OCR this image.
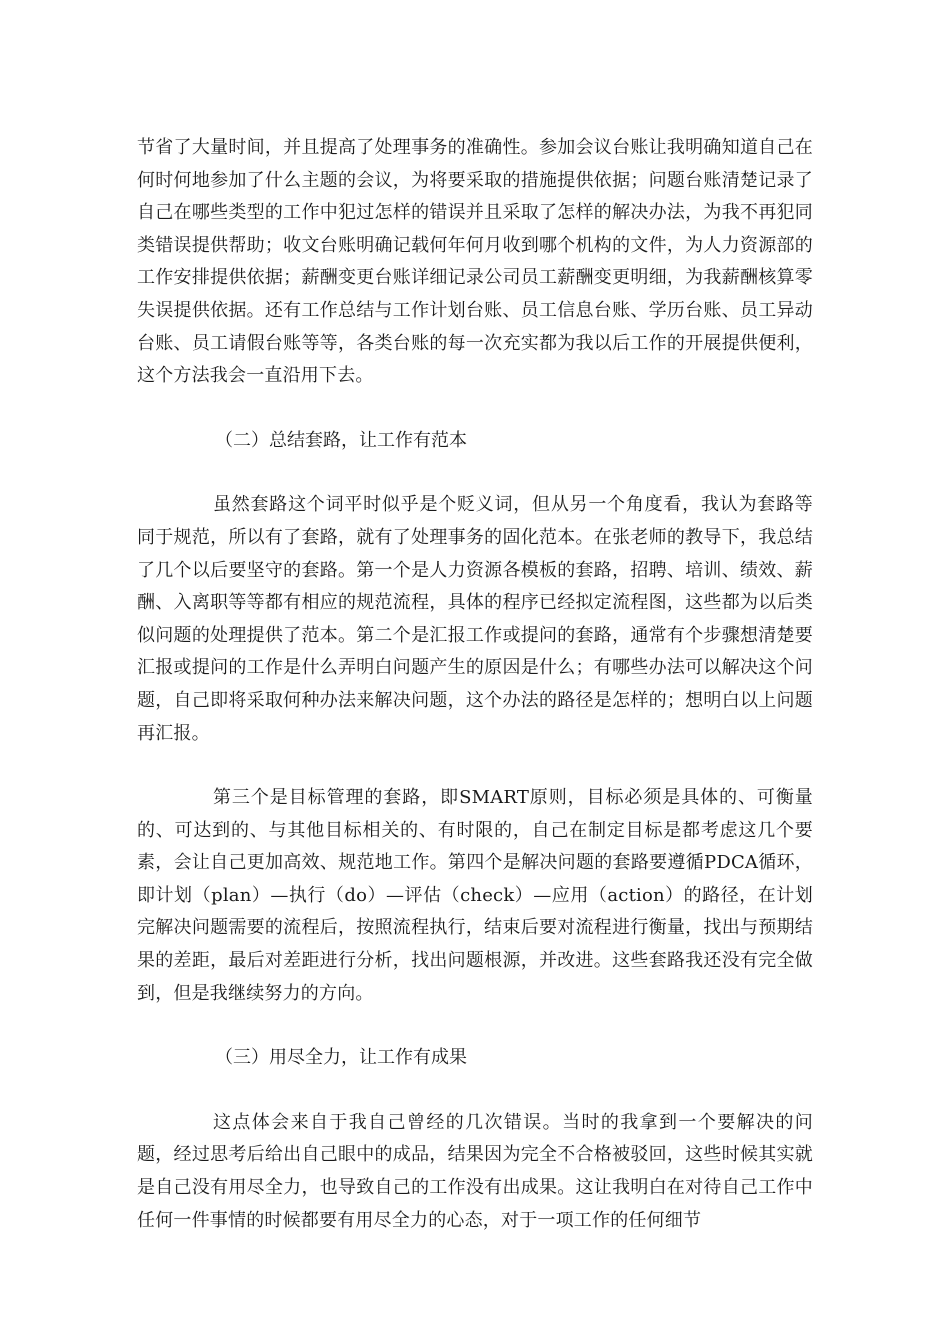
节省了大量时间，并且提高了处理事务的准确性。参加会议台账让我明确知道自己在何时何地参加了什么主题的会议，为将要采取的措施提供依据；问题台账清楚记录了自己在哪些类型的工作中犯过怎样的错误并且采取了怎样的解决办法，为我不再犯同类错误提供帮助；收文台账明确记载何年何月收到哪个机构的文件，为人力资源部的工作安排提供依据；薪酬变更台账详细记录公司员工薪酬变更明细，为我薪酬核算零失误提供依据。还有工作总结与工作计划台账、员工信息台账、学历台账、员工异动台账、员工请假台账等等，各类台账的每一次充实都为我以后工作的开展提供便利，这个方法我会一直沿用下去。

（二）总结套路，让工作有范本

虽然套路这个词平时似乎是个贬义词，但从另一个角度看，我认为套路等同于规范，所以有了套路，就有了处理事务的固化范本。在张老师的教导下，我总结了几个以后要坚守的套路。第一个是人力资源各模板的套路，招聘、培训、绩效、薪酬、入离职等等都有相应的规范流程，具体的程序已经拟定流程图，这些都为以后类似问题的处理提供了范本。第二个是汇报工作或提问的套路，通常有个步骤想清楚要汇报或提问的工作是什么弄明白问题产生的原因是什么；有哪些办法可以解决这个问题，自己即将采取何种办法来解决问题，这个办法的路径是怎样的；想明白以上问题再汇报。

第三个是目标管理的套路，即SMART原则，目标必须是具体的、可衡量的、可达到的、与其他目标相关的、有时限的，自己在制定目标是都考虑这几个要素，会让自己更加高效、规范地工作。第四个是解决问题的套路要遵循PDCA循环，即计划（plan）—执行（do）—评估（check）—应用（action）的路径，在计划完解决问题需要的流程后，按照流程执行，结束后要对流程进行衡量，找出与预期结果的差距，最后对差距进行分析，找出问题根源，并改进。这些套路我还没有完全做到，但是我继续努力的方向。

（三）用尽全力，让工作有成果

这点体会来自于我自己曾经的几次错误。当时的我拿到一个要解决的问题，经过思考后给出自己眼中的成品，结果因为完全不合格被驳回，这些时候其实就是自己没有用尽全力，也导致自己的工作没有出成果。这让我明白在对待自己工作中任何一件事情的时候都要有用尽全力的心态，对于一项工作的任何细节
